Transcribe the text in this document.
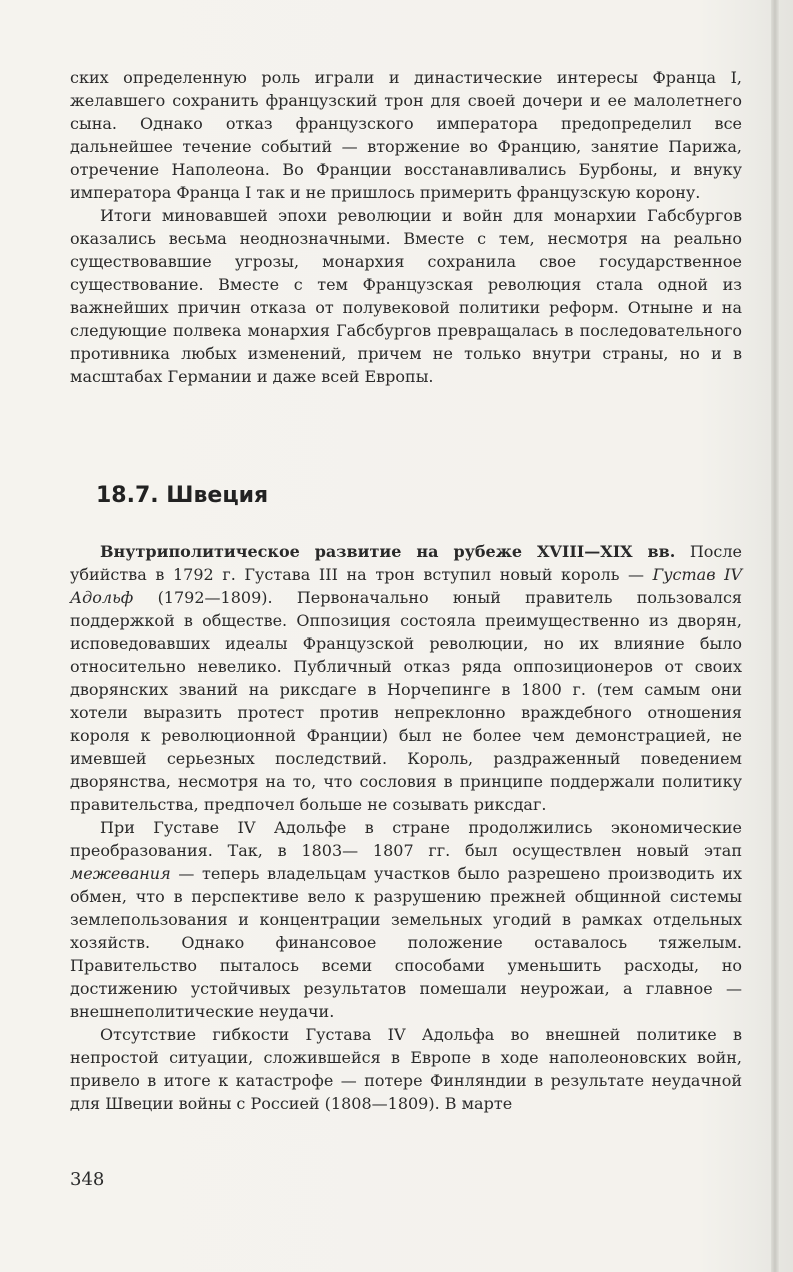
ских определенную роль играли и династические интересы Франца I, желавшего сохранить французский трон для своей дочери и ее малолетнего сына. Однако отказ французского императора предопределил все дальнейшее течение событий — вторжение во Францию, занятие Парижа, отречение Наполеона. Во Франции восстанавливались Бурбоны, и внуку императора Франца I так и не пришлось примерить французскую корону.

Итоги миновавшей эпохи революции и войн для монархии Габсбургов оказались весьма неоднозначными. Вместе с тем, несмотря на реально существовавшие угрозы, монархия сохранила свое государственное существование. Вместе с тем Французская революция стала одной из важнейших причин отказа от полувековой политики реформ. Отныне и на следующие полвека монархия Габсбургов превращалась в последовательного противника любых изменений, причем не только внутри страны, но и в масштабах Германии и даже всей Европы.

18.7. Швеция

Внутриполитическое развитие на рубеже XVIII—XIX вв. После убийства в 1792 г. Густава III на трон вступил новый король — Густав IV Адольф (1792—1809). Первоначально юный правитель пользовался поддержкой в обществе. Оппозиция состояла преимущественно из дворян, исповедовавших идеалы Французской революции, но их влияние было относительно невелико. Публичный отказ ряда оппозиционеров от своих дворянских званий на риксдаге в Норчепинге в 1800 г. (тем самым они хотели выразить протест против непреклонно враждебного отношения короля к революционной Франции) был не более чем демонстрацией, не имевшей серьезных последствий. Король, раздраженный поведением дворянства, несмотря на то, что сословия в принципе поддержали политику правительства, предпочел больше не созывать риксдаг.

При Густаве IV Адольфе в стране продолжились экономические преобразования. Так, в 1803— 1807 гг. был осуществлен новый этап межевания — теперь владельцам участков было разрешено производить их обмен, что в перспективе вело к разрушению прежней общинной системы землепользования и концентрации земельных угодий в рамках отдельных хозяйств. Однако финансовое положение оставалось тяжелым. Правительство пыталось всеми способами уменьшить расходы, но достижению устойчивых результатов помешали неурожаи, а главное — внешнеполитические неудачи.

Отсутствие гибкости Густава IV Адольфа во внешней политике в непростой ситуации, сложившейся в Европе в ходе наполеоновских войн, привело в итоге к катастрофе — потере Финляндии в результате неудачной для Швеции войны с Россией (1808—1809). В марте

348
